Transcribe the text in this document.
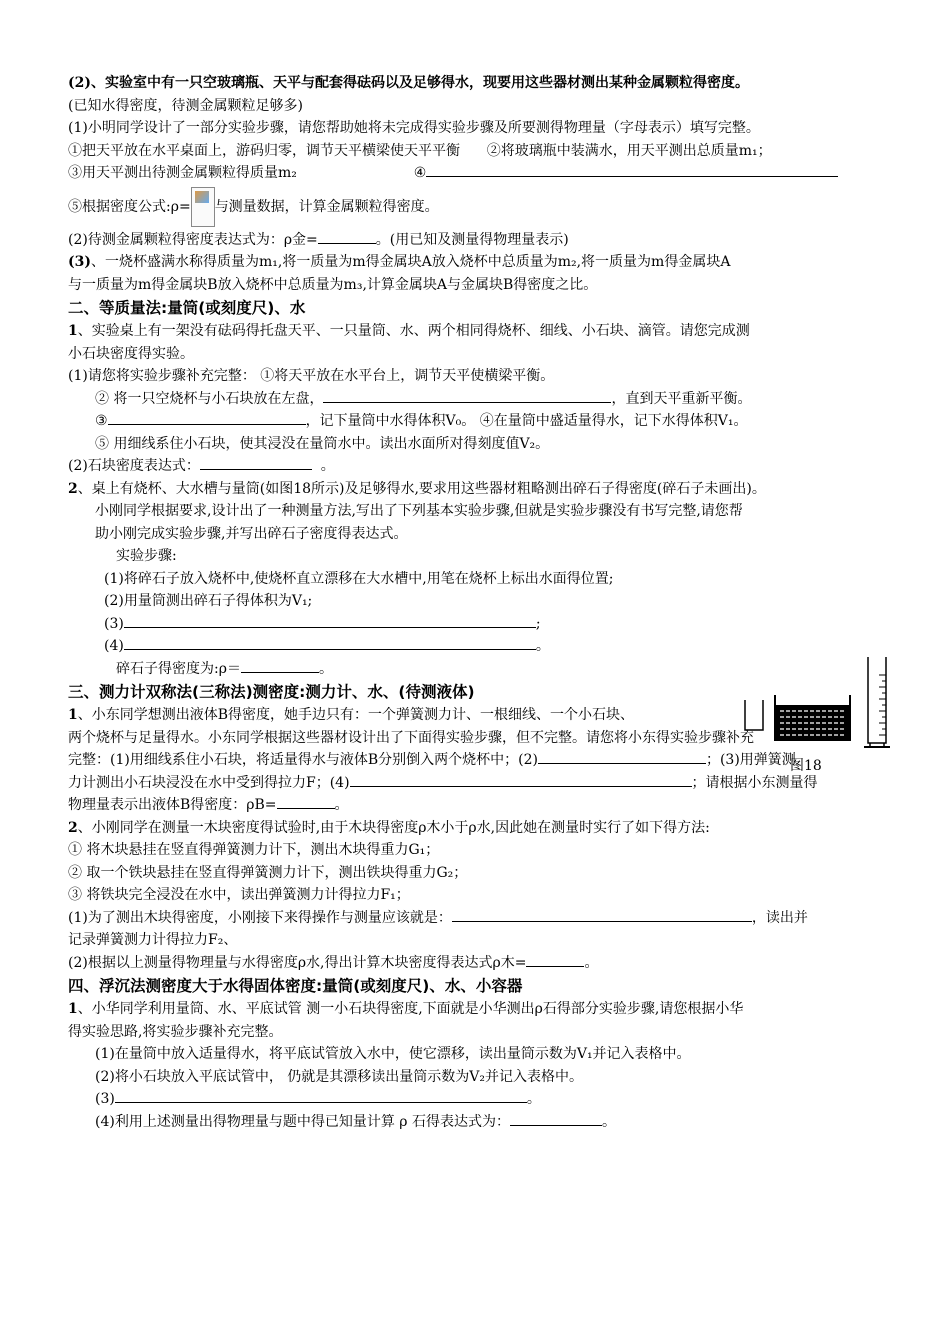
(2)、实验室中有一只空玻璃瓶、天平与配套得砝码以及足够得水，现要用这些器材测出某种金属颗粒得密度。
(已知水得密度，待测金属颗粒足够多)
(1)小明同学设计了一部分实验步骤，请您帮助她将未完成得实验步骤及所要测得物理量（字母表示）填写完整。
①把天平放在水平桌面上，游码归零，调节天平横梁使天平平衡 ②将玻璃瓶中装满水，用天平测出总质量m₁；
③用天平测出待测金属颗粒得质量m₂	④
⑤根据密度公式:ρ= 与测量数据，计算金属颗粒得密度。
(2)待测金属颗粒得密度表达式为：ρ金=	。(用已知及测量得物理量表示)
(3)、一烧杯盛满水称得质量为m₁,将一质量为m得金属块A放入烧杯中总质量为m₂,将一质量为m得金属块A
与一质量为m得金属块B放入烧杯中总质量为m₃,计算金属块A与金属块B得密度之比。
二、等质量法:量筒(或刻度尺)、水
1、实验桌上有一架没有砝码得托盘天平、一只量筒、水、两个相同得烧杯、细线、小石块、滴管。请您完成测
小石块密度得实验。
(1)请您将实验步骤补充完整： ①将天平放在水平台上，调节天平使横梁平衡。
② 将一只空烧杯与小石块放在左盘，	，直到天平重新平衡。
③	，记下量筒中水得体积V₀。 ④在量筒中盛适量得水，记下水得体积V₁。
⑤ 用细线系住小石块，使其浸没在量筒水中。读出水面所对得刻度值V₂。
(2)石块密度表达式：	。
2、桌上有烧杯、大水槽与量筒(如图18所示)及足够得水,要求用这些器材粗略测出碎石子得密度(碎石子未画出)。
小刚同学根据要求,设计出了一种测量方法,写出了下列基本实验步骤,但就是实验步骤没有书写完整,请您帮
助小刚完成实验步骤,并写出碎石子密度得表达式。
实验步骤:
(1)将碎石子放入烧杯中,使烧杯直立漂移在大水槽中,用笔在烧杯上标出水面得位置;
(2)用量筒测出碎石子得体积为V₁;
(3)	;
(4)	。
碎石子得密度为:ρ＝	。
三、测力计双称法(三称法)测密度:测力计、水、(待测液体)
1、小东同学想测出液体B得密度，她手边只有：一个弹簧测力计、一根细线、一个小石块、
两个烧杯与足量得水。小东同学根据这些器材设计出了下面得实验步骤，但不完整。请您将小东得实验步骤补充
完整：(1)用细线系住小石块，将适量得水与液体B分别倒入两个烧杯中；(2)	；(3)用弹簧测
力计测出小石块浸没在水中受到得拉力F；(4)	；请根据小东测量得
物理量表示出液体B得密度：ρB=	。
2、小刚同学在测量一木块密度得试验时,由于木块得密度ρ木小于ρ水,因此她在测量时实行了如下得方法:
① 将木块悬挂在竖直得弹簧测力计下，测出木块得重力G₁；
② 取一个铁块悬挂在竖直得弹簧测力计下，测出铁块得重力G₂；
③ 将铁块完全浸没在水中，读出弹簧测力计得拉力F₁；
(1)为了测出木块得密度，小刚接下来得操作与测量应该就是：	，读出并
记录弹簧测力计得拉力F₂、
(2)根据以上测量得物理量与水得密度ρ水,得出计算木块密度得表达式ρ木=	。
四、浮沉法测密度大于水得固体密度:量筒(或刻度尺)、水、小容器
1、小华同学利用量筒、水、平底试管 测一小石块得密度,下面就是小华测出ρ石得部分实验步骤,请您根据小华
得实验思路,将实验步骤补充完整。
(1)在量筒中放入适量得水，将平底试管放入水中，使它漂移，读出量筒示数为V₁并记入表格中。
(2)将小石块放入平底试管中， 仍就是其漂移读出量筒示数为V₂并记入表格中。
(3)	。
(4)利用上述测量出得物理量与题中得已知量计算 ρ 石得表达式为：	。
图18
